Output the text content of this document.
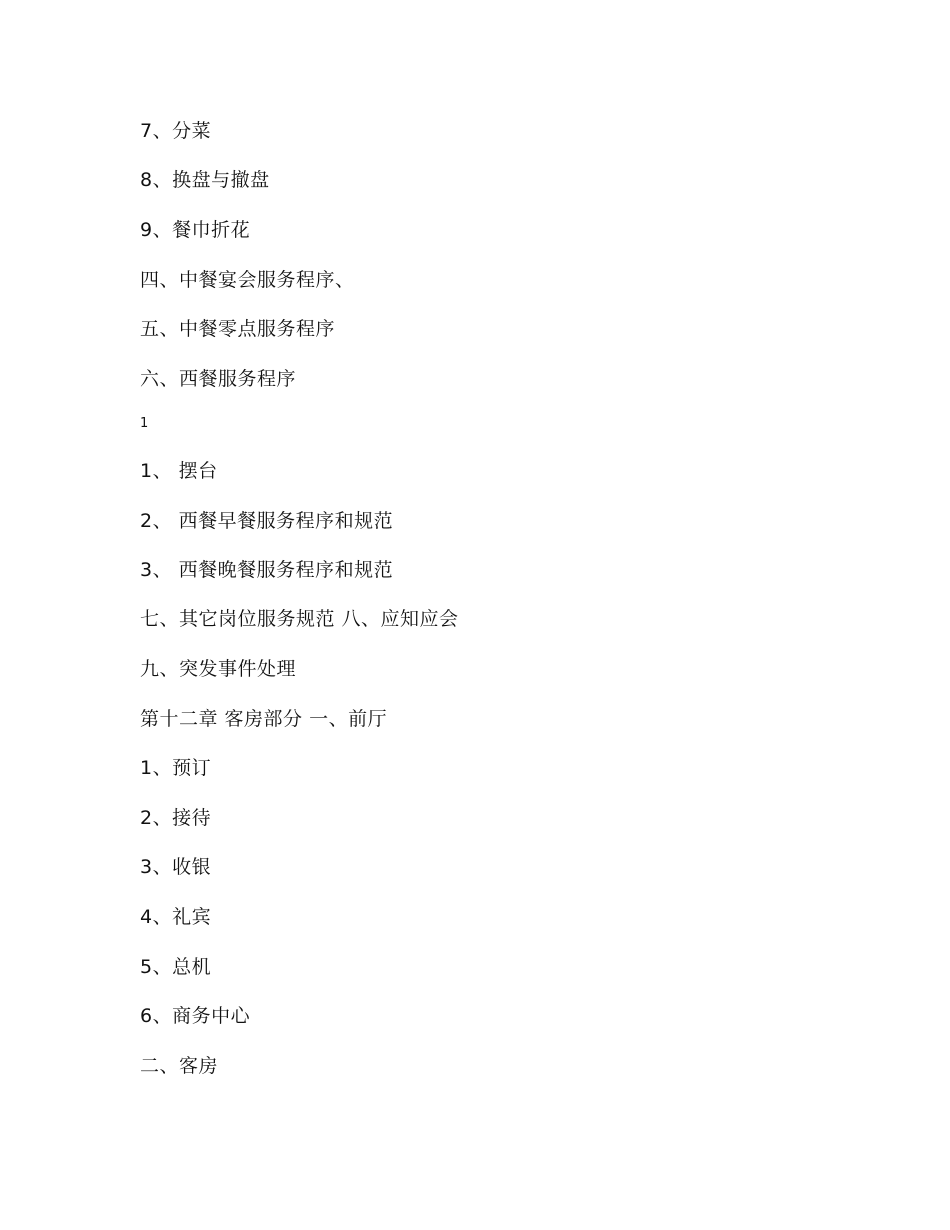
7、分菜
8、换盘与撤盘
9、餐巾折花
四、中餐宴会服务程序、
五、中餐零点服务程序
六、西餐服务程序
1
1、 摆台
2、 西餐早餐服务程序和规范
3、 西餐晚餐服务程序和规范
七、其它岗位服务规范 八、应知应会
九、突发事件处理
第十二章 客房部分 一、前厅
1、预订
2、接待
3、收银
4、礼宾
5、总机
6、商务中心
二、客房
